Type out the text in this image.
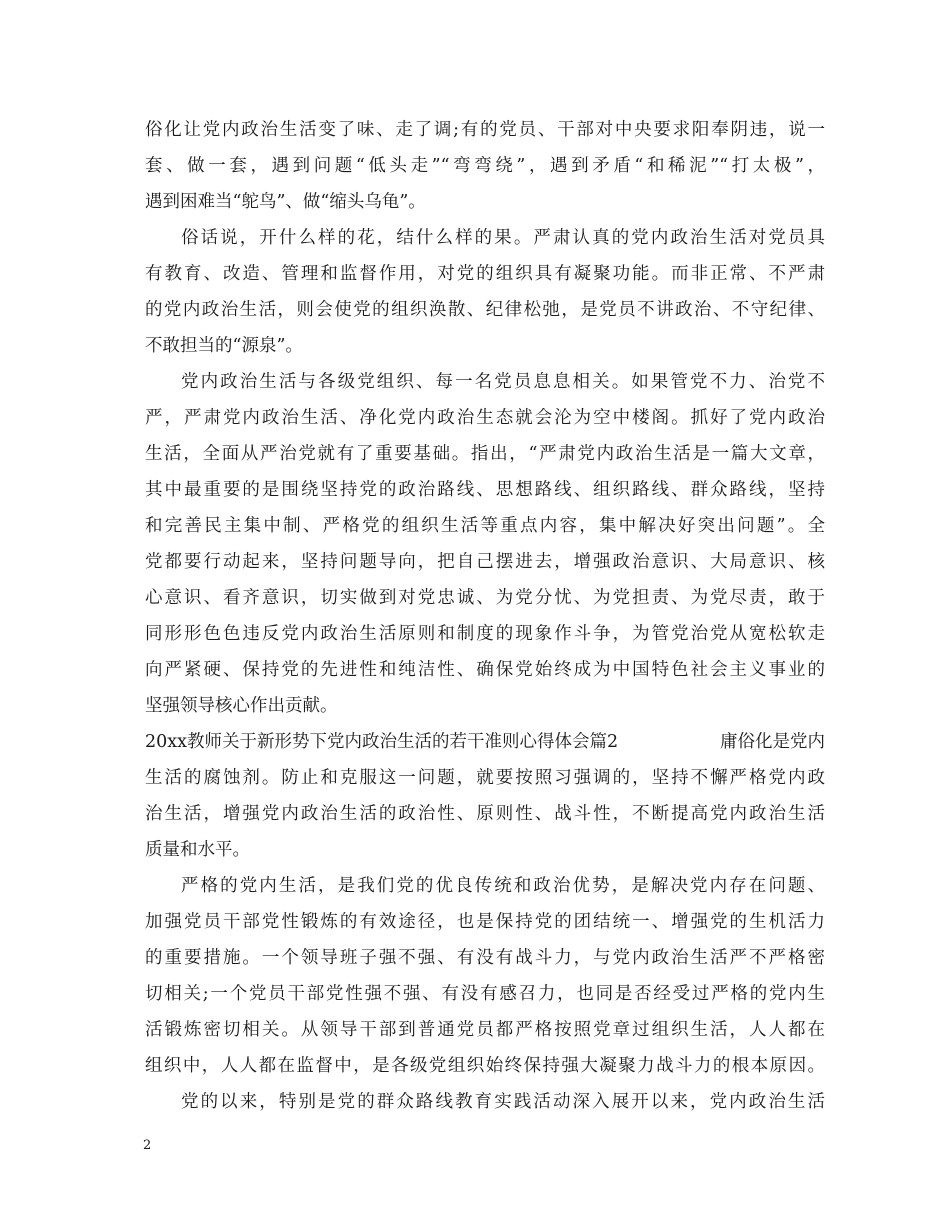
俗化让党内政治生活变了味、走了调;有的党员、干部对中央要求阳奉阴违，说一
套、做一套，遇到问题“低头走”“弯弯绕”，遇到矛盾“和稀泥”“打太极”，
遇到困难当“鸵鸟”、做“缩头乌龟”。
俗话说，开什么样的花，结什么样的果。严肃认真的党内政治生活对党员具
有教育、改造、管理和监督作用，对党的组织具有凝聚功能。而非正常、不严肃
的党内政治生活，则会使党的组织涣散、纪律松弛，是党员不讲政治、不守纪律、
不敢担当的“源泉”。
党内政治生活与各级党组织、每一名党员息息相关。如果管党不力、治党不
严，严肃党内政治生活、净化党内政治生态就会沦为空中楼阁。抓好了党内政治
生活，全面从严治党就有了重要基础。指出，“严肃党内政治生活是一篇大文章，
其中最重要的是围绕坚持党的政治路线、思想路线、组织路线、群众路线，坚持
和完善民主集中制、严格党的组织生活等重点内容，集中解决好突出问题”。全
党都要行动起来，坚持问题导向，把自己摆进去，增强政治意识、大局意识、核
心意识、看齐意识，切实做到对党忠诚、为党分忧、为党担责、为党尽责，敢于
同形形色色违反党内政治生活原则和制度的现象作斗争，为管党治党从宽松软走
向严紧硬、保持党的先进性和纯洁性、确保党始终成为中国特色社会主义事业的
坚强领导核心作出贡献。
20xx教师关于新形势下党内政治生活的若干准则心得体会篇2	庸俗化是党内
生活的腐蚀剂。防止和克服这一问题，就要按照习强调的，坚持不懈严格党内政
治生活，增强党内政治生活的政治性、原则性、战斗性，不断提高党内政治生活
质量和水平。
严格的党内生活，是我们党的优良传统和政治优势，是解决党内存在问题、
加强党员干部党性锻炼的有效途径，也是保持党的团结统一、增强党的生机活力
的重要措施。一个领导班子强不强、有没有战斗力，与党内政治生活严不严格密
切相关;一个党员干部党性强不强、有没有感召力，也同是否经受过严格的党内生
活锻炼密切相关。从领导干部到普通党员都严格按照党章过组织生活，人人都在
组织中，人人都在监督中，是各级党组织始终保持强大凝聚力战斗力的根本原因。
党的以来，特别是党的群众路线教育实践活动深入展开以来，党内政治生活
2
